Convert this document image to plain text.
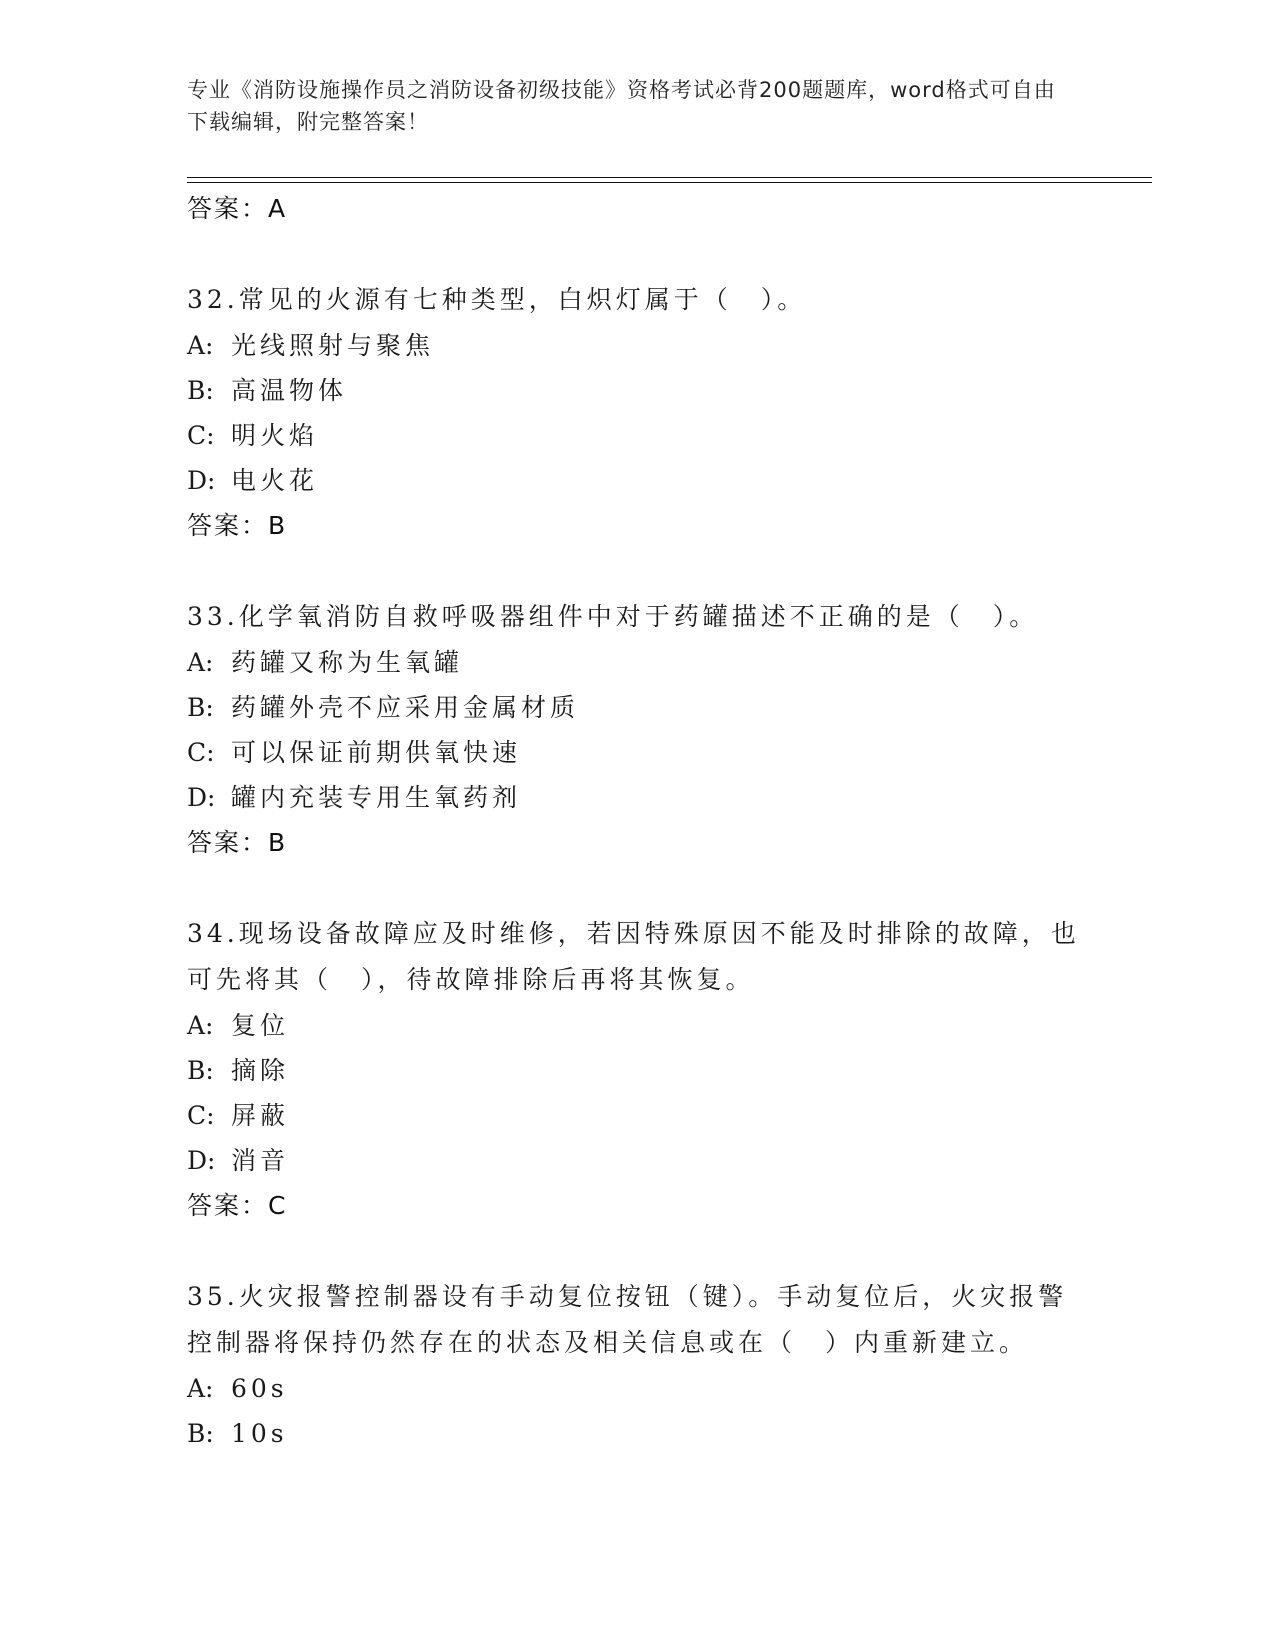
专业《消防设施操作员之消防设备初级技能》资格考试必背200题题库，word格式可自由下载编辑，附完整答案！
答案：A
32.常见的火源有七种类型，白炽灯属于（　）。
A: 光线照射与聚焦
B: 高温物体
C: 明火焰
D: 电火花
答案：B
33.化学氧消防自救呼吸器组件中对于药罐描述不正确的是（　）。
A: 药罐又称为生氧罐
B: 药罐外壳不应采用金属材质
C: 可以保证前期供氧快速
D: 罐内充装专用生氧药剂
答案：B
34.现场设备故障应及时维修，若因特殊原因不能及时排除的故障，也可先将其（　），待故障排除后再将其恢复。
A: 复位
B: 摘除
C: 屏蔽
D: 消音
答案：C
35.火灾报警控制器设有手动复位按钮（键）。手动复位后，火灾报警控制器将保持仍然存在的状态及相关信息或在（　）内重新建立。
A: 60s
B: 10s
